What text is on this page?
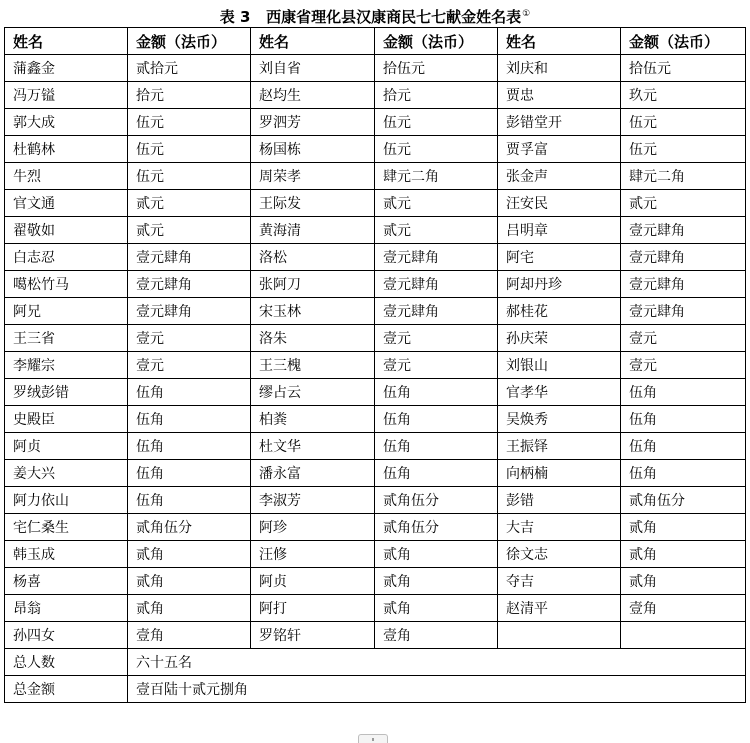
表 3 西康省理化县汉康商民七七献金姓名表①
姓名	金额（法币）	姓名	金额（法币）	姓名	金额（法币）
蒲鑫金	贰拾元	刘自省	拾伍元	刘庆和	拾伍元
冯万镒	拾元	赵均生	拾元	贾忠	玖元
郭大成	伍元	罗泗芳	伍元	彭错堂开	伍元
杜鹤林	伍元	杨国栋	伍元	贾孚富	伍元
牛烈	伍元	周荣孝	肆元二角	张金声	肆元二角
官文通	贰元	王际发	贰元	汪安民	贰元
翟敬如	贰元	黄海清	贰元	吕明章	壹元肆角
白志忍	壹元肆角	洛松	壹元肆角	阿宅	壹元肆角
噶松竹马	壹元肆角	张阿刀	壹元肆角	阿却丹珍	壹元肆角
阿兄	壹元肆角	宋玉林	壹元肆角	郝桂花	壹元肆角
王三省	壹元	洛朱	壹元	孙庆荣	壹元
李耀宗	壹元	王三槐	壹元	刘银山	壹元
罗绒彭错	伍角	缪占云	伍角	官孝华	伍角
史殿臣	伍角	柏粪	伍角	吴焕秀	伍角
阿贞	伍角	杜文华	伍角	王振铎	伍角
姜大兴	伍角	潘永富	伍角	向柄楠	伍角
阿力依山	伍角	李淑芳	贰角伍分	彭错	贰角伍分
宅仁桑生	贰角伍分	阿珍	贰角伍分	大吉	贰角
韩玉成	贰角	汪修	贰角	徐文志	贰角
杨喜	贰角	阿贞	贰角	夺吉	贰角
昂翁	贰角	阿打	贰角	赵清平	壹角
孙四女	壹角	罗铭轩	壹角		
总人数	六十五名				
总金额	壹百陆十贰元捌角				
